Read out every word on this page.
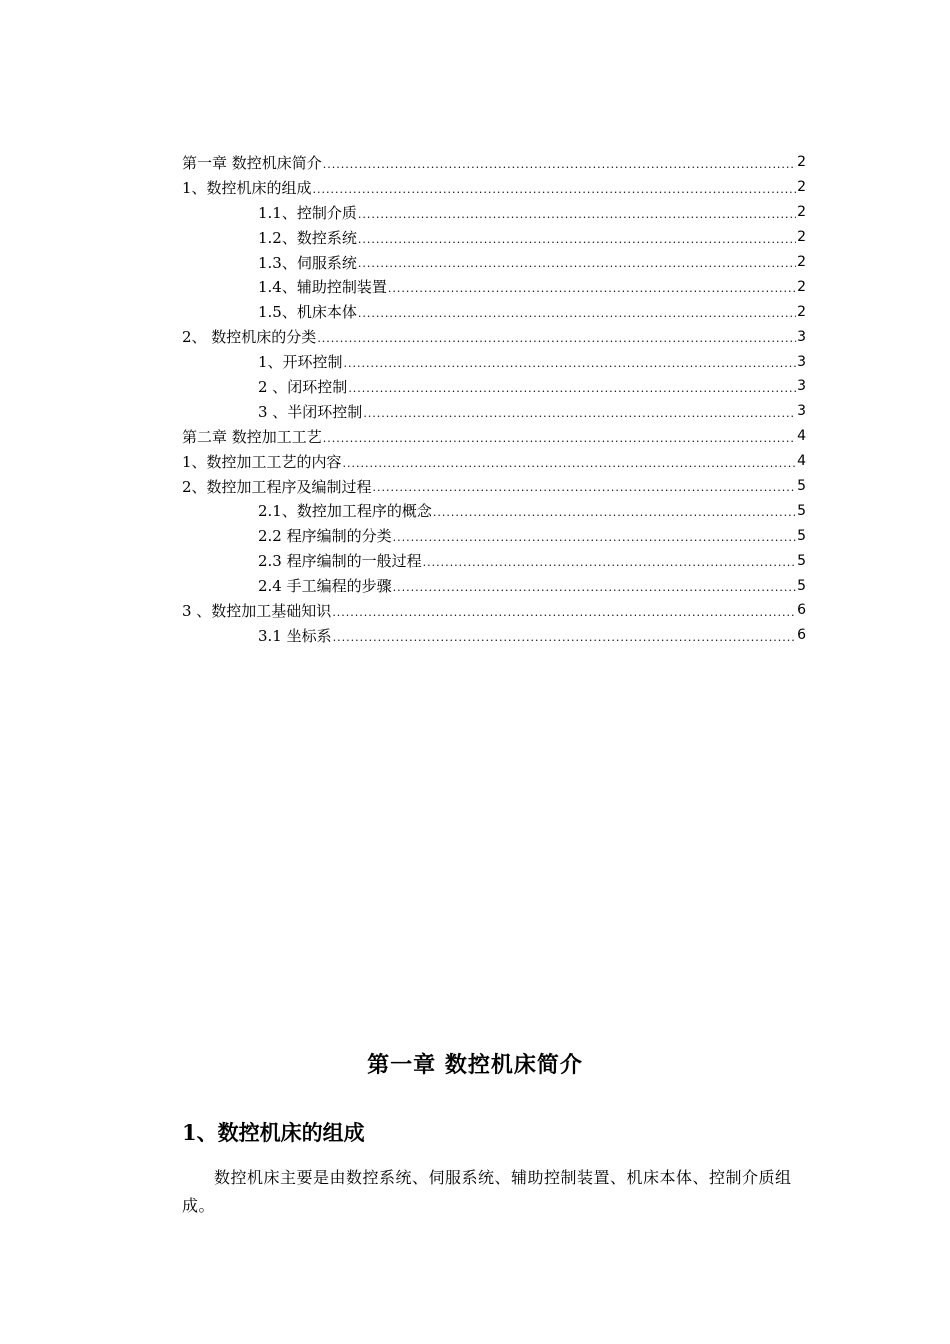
第一章 数控机床简介 .....	2
1、数控机床的组成 .....	2
1.1、控制介质 .....	2
1.2、数控系统 .....	2
1.3、伺服系统 .....	2
1.4、辅助控制装置 .....	2
1.5、机床本体 .....	2
2、 数控机床的分类 .....	3
1、开环控制 .....	3
2 、闭环控制 .....	3
3 、半闭环控制 .....	3
第二章 数控加工工艺 .....	4
1、数控加工工艺的内容 .....	4
2、数控加工程序及编制过程 .....	5
2.1、数控加工程序的概念 .....	5
2.2 程序编制的分类 .....	5
2.3 程序编制的一般过程 .....	5
2.4 手工编程的步骤 .....	5
3 、数控加工基础知识 .....	6
3.1 坐标系 .....	6
第一章 数控机床简介
1、数控机床的组成

数控机床主要是由数控系统、伺服系统、辅助控制装置、机床本体、控制介质组成。
